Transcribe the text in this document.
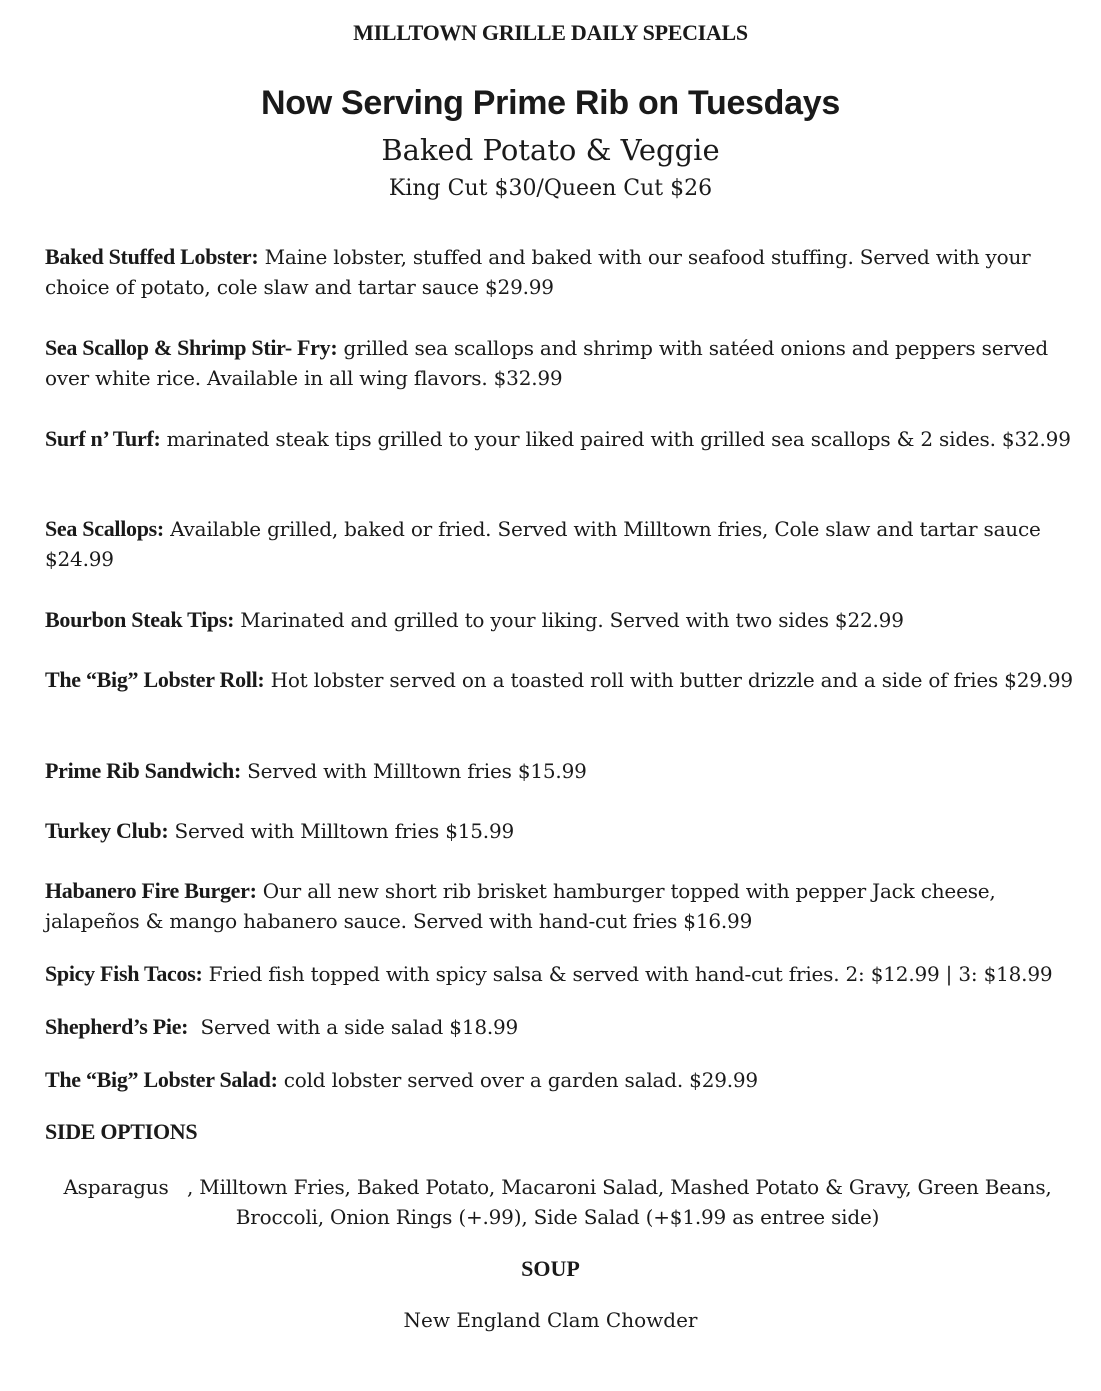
MILLTOWN GRILLE DAILY SPECIALS
Now Serving Prime Rib on Tuesdays
Baked Potato & Veggie
King Cut $30/Queen Cut $26
Baked Stuffed Lobster: Maine lobster, stuffed and baked with our seafood stuffing. Served with your choice of potato, cole slaw and tartar sauce $29.99
Sea Scallop & Shrimp Stir- Fry: grilled sea scallops and shrimp with satéed onions and peppers served over white rice. Available in all wing flavors. $32.99
Surf n’ Turf: marinated steak tips grilled to your liked paired with grilled sea scallops & 2 sides. $32.99
Sea Scallops: Available grilled, baked or fried. Served with Milltown fries, Cole slaw and tartar sauce $24.99
Bourbon Steak Tips: Marinated and grilled to your liking. Served with two sides $22.99
The “Big” Lobster Roll: Hot lobster served on a toasted roll with butter drizzle and a side of fries $29.99
Prime Rib Sandwich: Served with Milltown fries $15.99
Turkey Club: Served with Milltown fries $15.99
Habanero Fire Burger: Our all new short rib brisket hamburger topped with pepper Jack cheese, jalapeños & mango habanero sauce. Served with hand-cut fries $16.99
Spicy Fish Tacos: Fried fish topped with spicy salsa & served with hand-cut fries. 2: $12.99 | 3: $18.99
Shepherd’s Pie:  Served with a side salad $18.99
The “Big” Lobster Salad: cold lobster served over a garden salad. $29.99
SIDE OPTIONS
Asparagus   , Milltown Fries, Baked Potato, Macaroni Salad, Mashed Potato & Gravy, Green Beans, Broccoli, Onion Rings (+.99), Side Salad (+$1.99 as entree side)
SOUP
New England Clam Chowder
